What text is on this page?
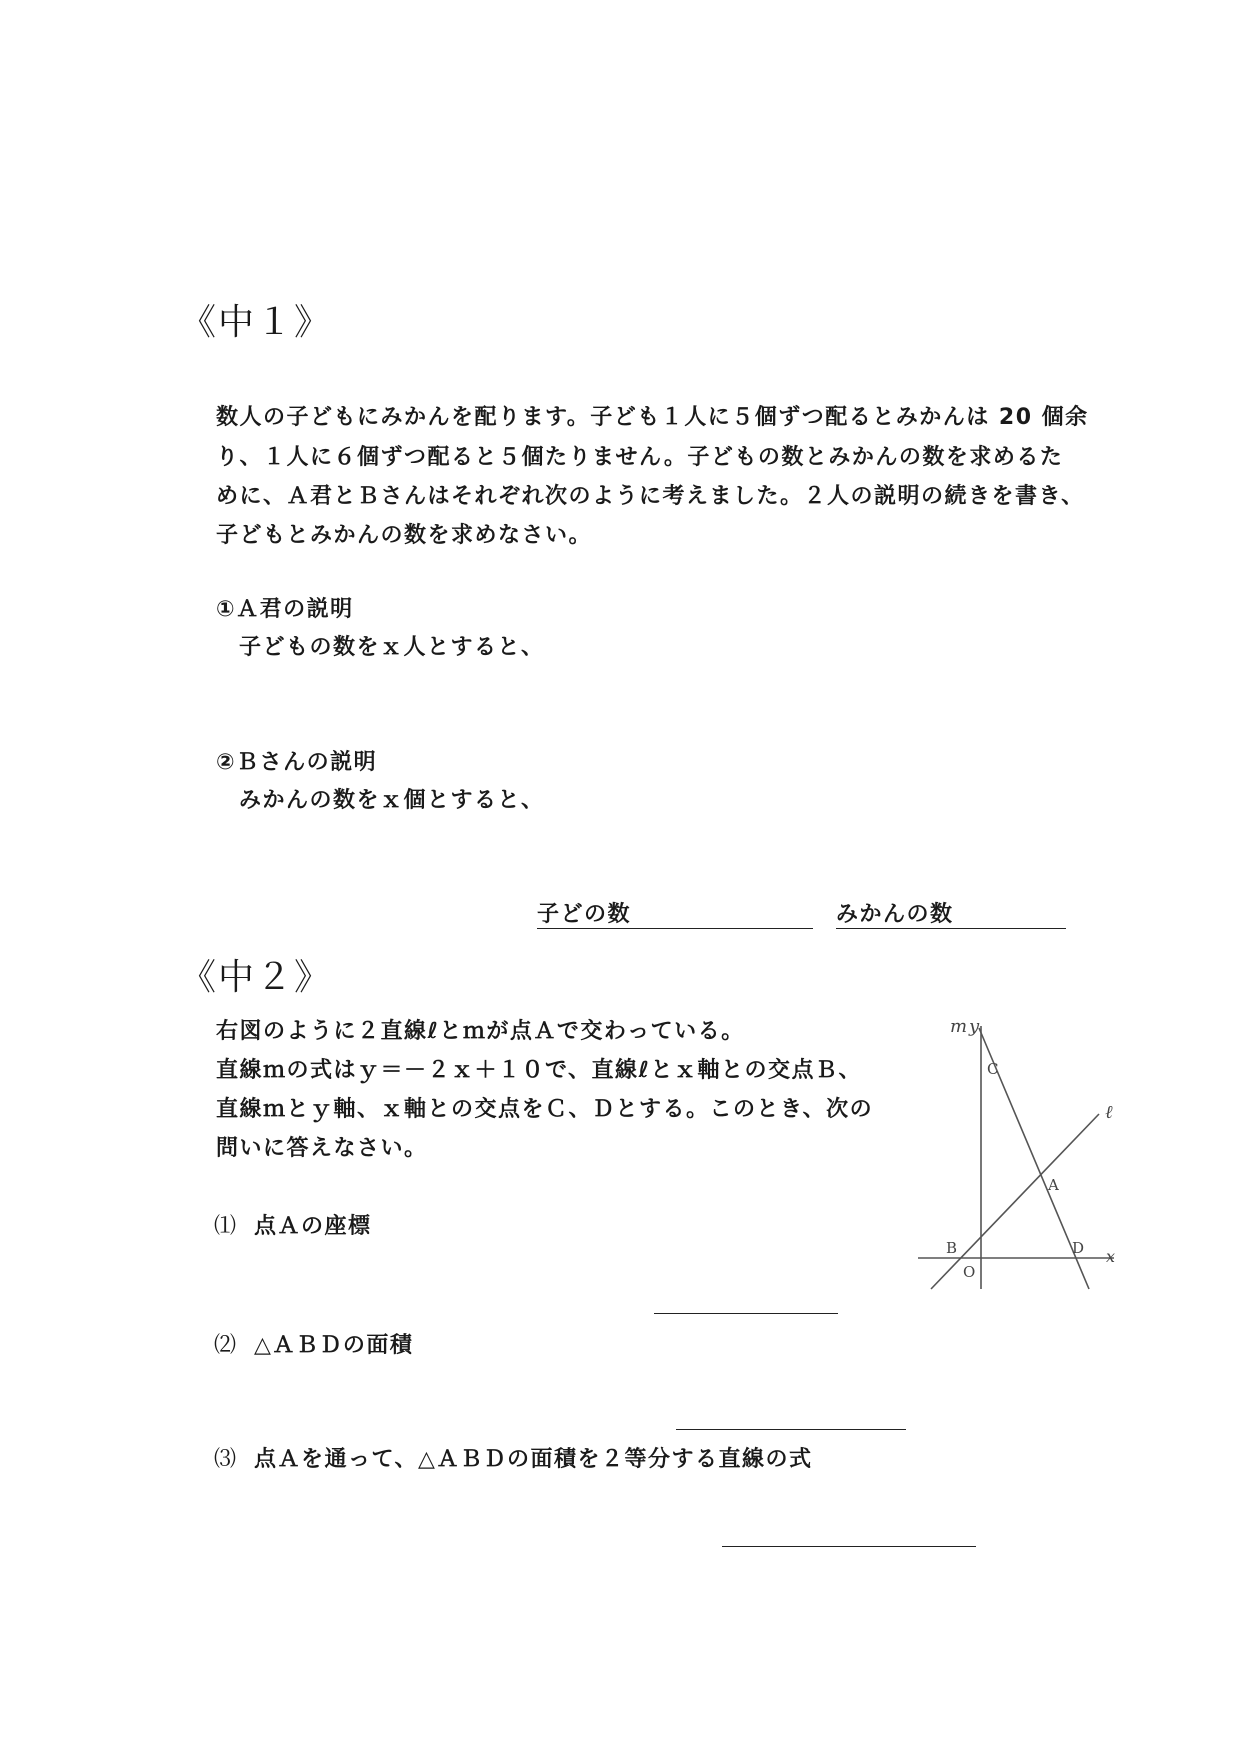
《中１》
数人の子どもにみかんを配ります。子ども１人に５個ずつ配るとみかんは 20 個余
り、１人に６個ずつ配ると５個たりません。子どもの数とみかんの数を求めるた
めに、Ａ君とＢさんはそれぞれ次のように考えました。２人の説明の続きを書き、
子どもとみかんの数を求めなさい。
①Ａ君の説明
子どもの数をｘ人とすると、
②Ｂさんの説明
みかんの数をｘ個とすると、
子どの数	みかんの数
《中２》
右図のように２直線ℓとｍが点Ａで交わっている。
直線ｍの式はｙ＝－２ｘ＋１０で、直線ℓとｘ軸との交点Ｂ、
直線ｍとｙ軸、ｘ軸との交点をＣ、Ｄとする。このとき、次の
問いに答えなさい。
⑴ 点Ａの座標
⑵ △ＡＢＤの面積
⑶ 点Ａを通って、△ＡＢＤの面積を２等分する直線の式
m y
C
ℓ
A
B	D x
O
